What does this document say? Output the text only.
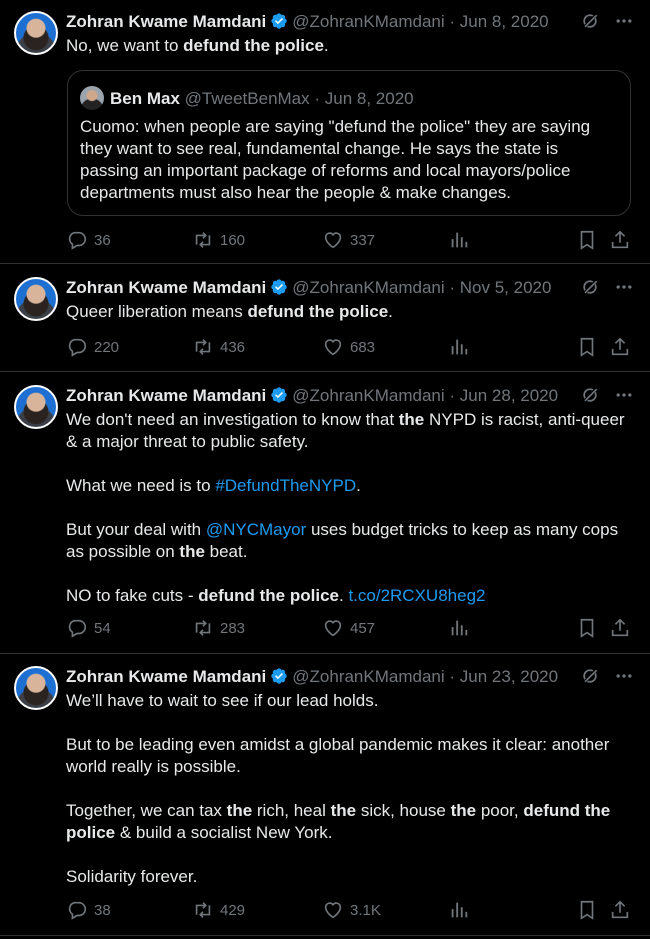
Zohran Kwame Mamdani @ZohranKMamdani · Jun 8, 2020
No, we want to defund the police.
Ben Max @TweetBenMax · Jun 8, 2020
Cuomo: when people are saying "defund the police" they are saying they want to see real, fundamental change. He says the state is passing an important package of reforms and local mayors/police departments must also hear the people & make changes.
36	160	337
Zohran Kwame Mamdani @ZohranKMamdani · Nov 5, 2020
Queer liberation means defund the police.
220	436	683
Zohran Kwame Mamdani @ZohranKMamdani · Jun 28, 2020
We don't need an investigation to know that the NYPD is racist, anti-queer & a major threat to public safety.

What we need is to #DefundTheNYPD.

But your deal with @NYCMayor uses budget tricks to keep as many cops as possible on the beat.

NO to fake cuts - defund the police. t.co/2RCXU8heg2
54	283	457
Zohran Kwame Mamdani @ZohranKMamdani · Jun 23, 2020
We’ll have to wait to see if our lead holds.

But to be leading even amidst a global pandemic makes it clear: another world really is possible.

Together, we can tax the rich, heal the sick, house the poor, defund the police & build a socialist New York.

Solidarity forever.
38	429	3.1K
